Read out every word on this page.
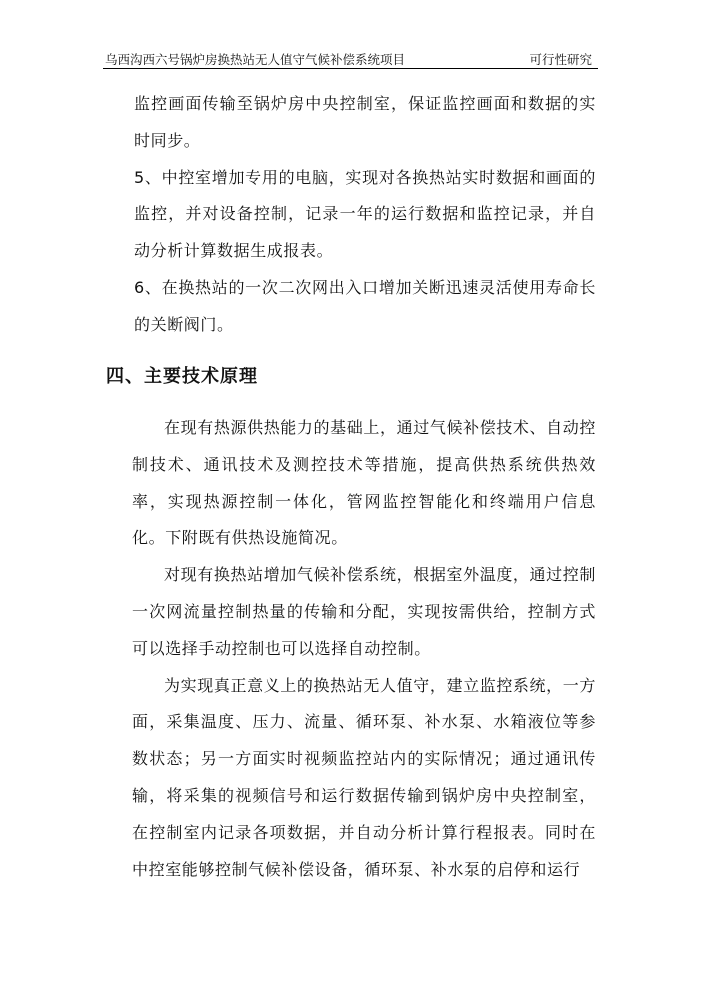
乌西沟西六号锅炉房换热站无人值守气候补偿系统项目	可行性研究

监控画面传输至锅炉房中央控制室，保证监控画面和数据的实时同步。

5、中控室增加专用的电脑，实现对各换热站实时数据和画面的监控，并对设备控制，记录一年的运行数据和监控记录，并自动分析计算数据生成报表。

6、在换热站的一次二次网出入口增加关断迅速灵活使用寿命长的关断阀门。

四、主要技术原理

在现有热源供热能力的基础上，通过气候补偿技术、自动控制技术、通讯技术及测控技术等措施，提高供热系统供热效率，实现热源控制一体化，管网监控智能化和终端用户信息化。下附既有供热设施简况。

对现有换热站增加气候补偿系统，根据室外温度，通过控制一次网流量控制热量的传输和分配，实现按需供给，控制方式可以选择手动控制也可以选择自动控制。

为实现真正意义上的换热站无人值守，建立监控系统，一方面，采集温度、压力、流量、循环泵、补水泵、水箱液位等参数状态；另一方面实时视频监控站内的实际情况；通过通讯传输，将采集的视频信号和运行数据传输到锅炉房中央控制室，在控制室内记录各项数据，并自动分析计算行程报表。同时在中控室能够控制气候补偿设备，循环泵、补水泵的启停和运行
